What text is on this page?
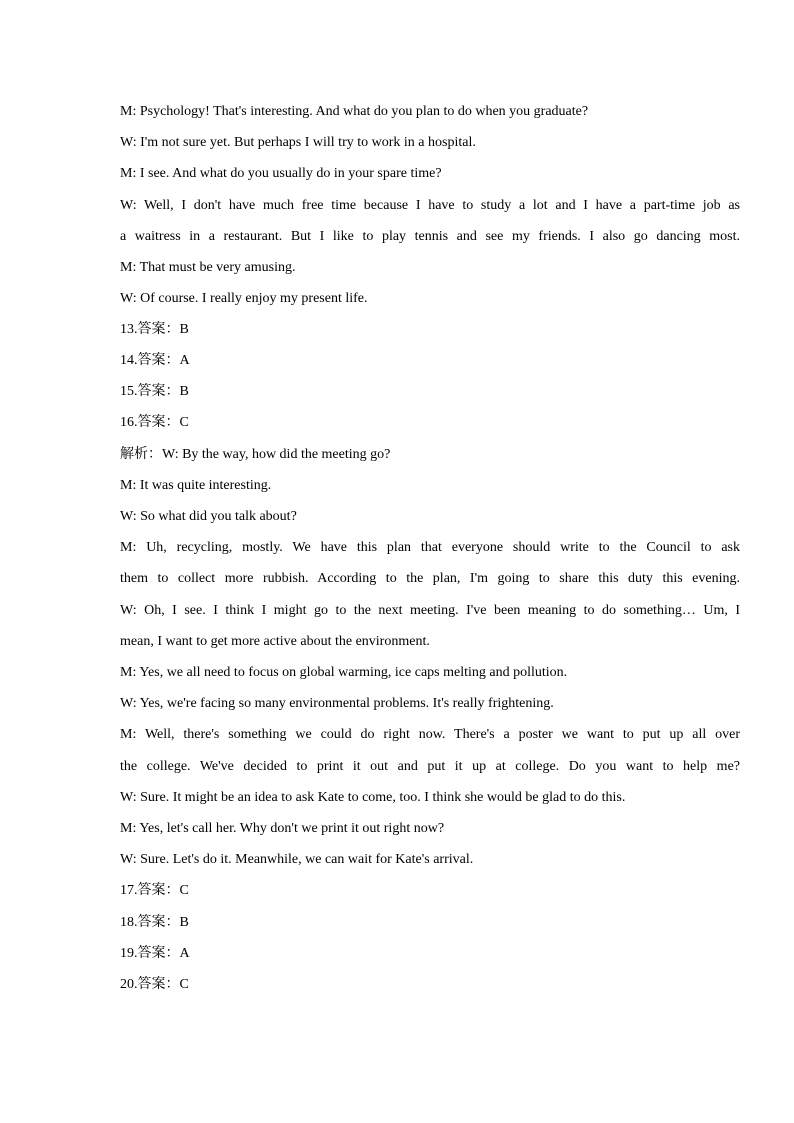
M: Psychology! That's interesting. And what do you plan to do when you graduate?
W: I'm not sure yet. But perhaps I will try to work in a hospital.
M: I see. And what do you usually do in your spare time?
W: Well, I don't have much free time because I have to study a lot and I have a part-time job as
a waitress in a restaurant. But I like to play tennis and see my friends. I also go dancing most.
M: That must be very amusing.
W: Of course. I really enjoy my present life.
13.答案：B
14.答案：A
15.答案：B
16.答案：C
解析：W: By the way, how did the meeting go?
M: It was quite interesting.
W: So what did you talk about?
M: Uh, recycling, mostly. We have this plan that everyone should write to the Council to ask
them to collect more rubbish. According to the plan, I'm going to share this duty this evening.
W: Oh, I see. I think I might go to the next meeting. I've been meaning to do something… Um, I
mean, I want to get more active about the environment.
M: Yes, we all need to focus on global warming, ice caps melting and pollution.
W: Yes, we're facing so many environmental problems. It's really frightening.
M: Well, there's something we could do right now. There's a poster we want to put up all over
the college. We've decided to print it out and put it up at college. Do you want to help me?
W: Sure. It might be an idea to ask Kate to come, too. I think she would be glad to do this.
M: Yes, let's call her. Why don't we print it out right now?
W: Sure. Let's do it. Meanwhile, we can wait for Kate's arrival.
17.答案：C
18.答案：B
19.答案：A
20.答案：C
